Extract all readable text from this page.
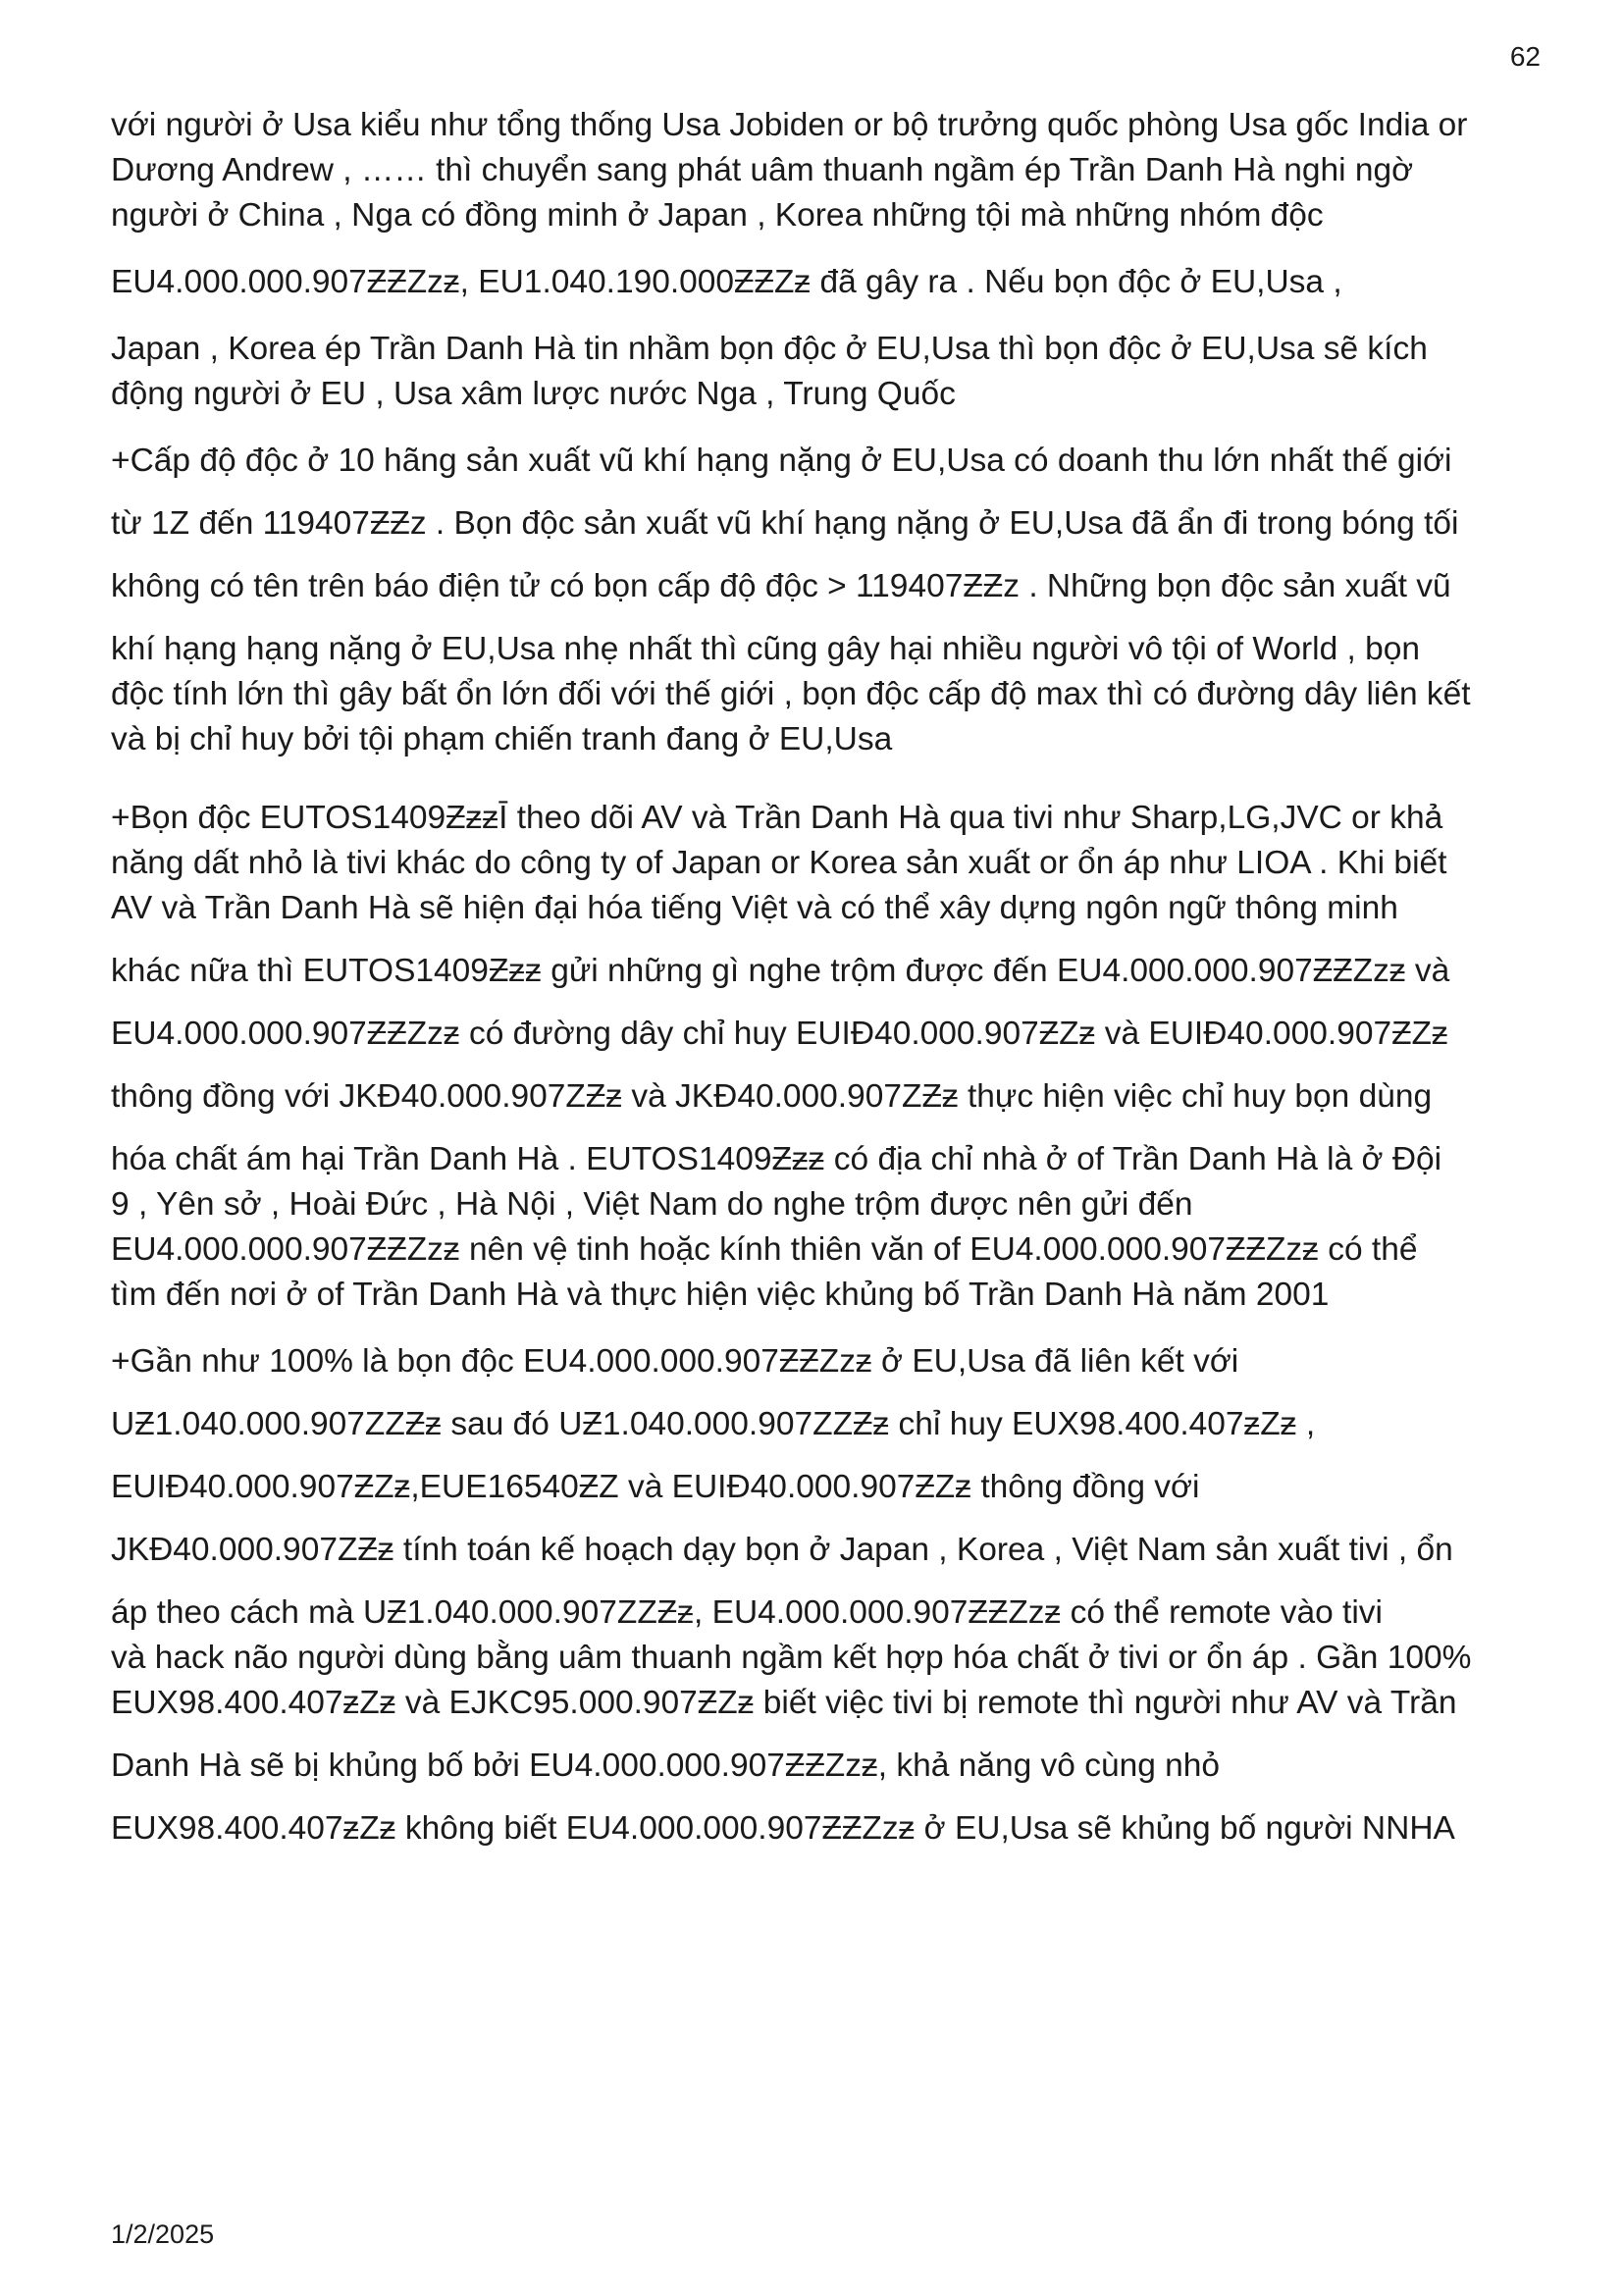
62

với người ở Usa kiểu như tổng thống Usa Jobiden or bộ trưởng quốc phòng Usa gốc India or
Dương Andrew , …… thì chuyển sang phát uâm thuanh ngầm ép Trần Danh Hà nghi ngờ
người ở China , Nga có đồng minh ở Japan , Korea những tội mà những nhóm độc
EU4.000.000.907ƵƵZzƶ, EU1.040.190.000ƵƵZƶ đã gây ra . Nếu bọn độc ở EU,Usa ,
Japan , Korea ép Trần Danh Hà tin nhầm bọn độc ở EU,Usa thì bọn độc ở EU,Usa sẽ kích
động người ở EU , Usa xâm lược nước Nga , Trung Quốc

+Cấp độ độc ở 10 hãng sản xuất vũ khí hạng nặng ở EU,Usa có doanh thu lớn nhất thế giới
từ 1Z đến 119407ƵƵz . Bọn độc sản xuất vũ khí hạng nặng ở EU,Usa đã ẩn đi trong bóng tối
không có tên trên báo điện tử có bọn cấp độ độc > 119407ƵƵz . Những bọn độc sản xuất vũ
khí hạng hạng nặng ở EU,Usa nhẹ nhất thì cũng gây hại nhiều người vô tội of World , bọn
độc tính lớn thì gây bất ổn lớn đối với thế giới , bọn độc cấp độ max thì có đường dây liên kết
và bị chỉ huy bởi tội phạm chiến tranh đang ở EU,Usa

+Bọn độc EUTOS1409ƵƶƶĪ theo dõi AV và Trần Danh Hà qua tivi như Sharp,LG,JVC or khả
năng dất nhỏ là tivi khác do công ty of Japan or Korea sản xuất or ổn áp như LIOA . Khi biết
AV và Trần Danh Hà sẽ hiện đại hóa tiếng Việt và có thể xây dựng ngôn ngữ thông minh
khác nữa thì EUTOS1409Ƶƶƶ gửi những gì nghe trộm được đến EU4.000.000.907ƵƵZzƶ và
EU4.000.000.907ƵƵZzƶ có đường dây chỉ huy EUIĐ40.000.907ƵZƶ và EUIĐ40.000.907ƵZƶ
thông đồng với JKĐ40.000.907ZƵƶ và JKĐ40.000.907ZƵƶ thực hiện việc chỉ huy bọn dùng
hóa chất ám hại Trần Danh Hà . EUTOS1409Ƶƶƶ có địa chỉ nhà ở of Trần Danh Hà là ở Đội
9 , Yên sở , Hoài Đức , Hà Nội , Việt Nam do nghe trộm được nên gửi đến
EU4.000.000.907ƵƵZzƶ nên vệ tinh hoặc kính thiên văn of EU4.000.000.907ƵƵZzƶ có thể
tìm đến nơi ở of Trần Danh Hà và thực hiện việc khủng bố Trần Danh Hà năm 2001

+Gần như 100% là bọn độc EU4.000.000.907ƵƵZzƶ ở EU,Usa đã liên kết với
UƵ1.040.000.907ZZƵƶ sau đó UƵ1.040.000.907ZZƵƶ chỉ huy EUX98.400.407ƶZƶ ,
EUIĐ40.000.907ƵZƶ,EUE16540ƵZ và EUIĐ40.000.907ƵZƶ thông đồng với
JKĐ40.000.907ZƵƶ tính toán kế hoạch dạy bọn ở Japan , Korea , Việt Nam sản xuất tivi , ổn
áp theo cách mà UƵ1.040.000.907ZZƵƶ, EU4.000.000.907ƵƵZzƶ có thể remote vào tivi
và hack não người dùng bằng uâm thuanh ngầm kết hợp hóa chất ở tivi or ổn áp . Gần 100%
EUX98.400.407ƶZƶ và EJKC95.000.907ƵZƶ biết việc tivi bị remote thì người như AV và Trần
Danh Hà sẽ bị khủng bố bởi EU4.000.000.907ƵƵZzƶ, khả năng vô cùng nhỏ
EUX98.400.407ƶZƶ không biết EU4.000.000.907ƵƵZzƶ ở EU,Usa sẽ khủng bố người NNHA

1/2/2025
